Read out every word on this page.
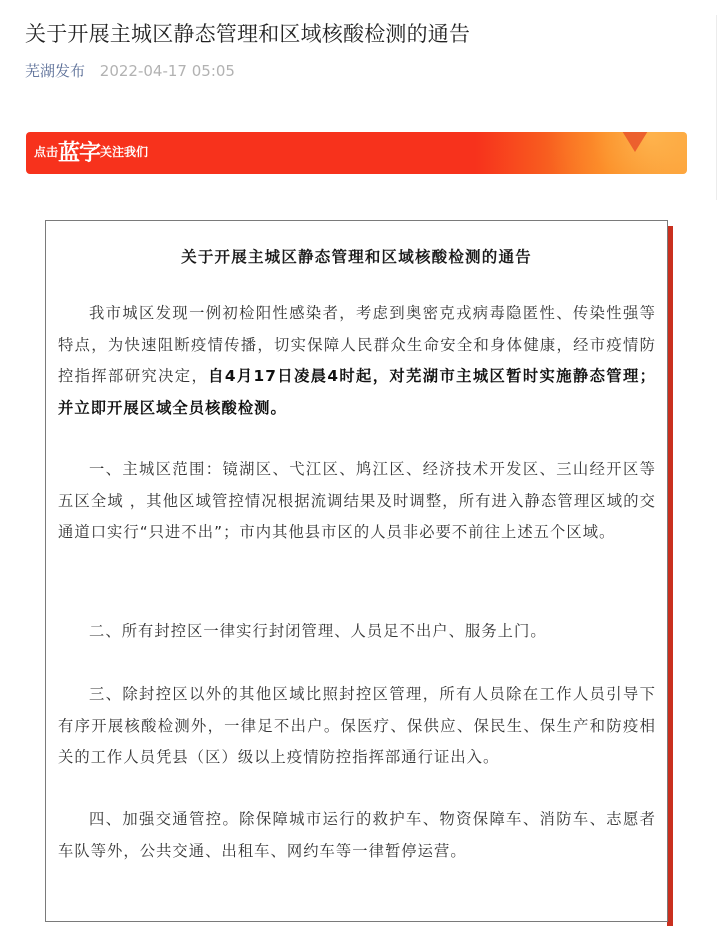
关于开展主城区静态管理和区域核酸检测的通告
芜湖发布 2022-04-17 05:05
$^{点击}$蓝字$^{关注我们}$
关于开展主城区静态管理和区域核酸检测的通告

我市城区发现一例初检阳性感染者，考虑到奥密克戎病毒隐匿性、传染性强等特点，为快速阻断疫情传播，切实保障人民群众生命安全和身体健康，经市疫情防控指挥部研究决定，自4月17日凌晨4时起，对芜湖市主城区暂时实施静态管理；并立即开展区域全员核酸检测。

一、主城区范围：镜湖区、弋江区、鸠江区、经济技术开发区、三山经开区等五区全域 ，其他区域管控情况根据流调结果及时调整，所有进入静态管理区域的交通道口实行“只进不出”；市内其他县市区的人员非必要不前往上述五个区域。

二、所有封控区一律实行封闭管理、人员足不出户、服务上门。

三、除封控区以外的其他区域比照封控区管理，所有人员除在工作人员引导下有序开展核酸检测外，一律足不出户。保医疗、保供应、保民生、保生产和防疫相关的工作人员凭县（区）级以上疫情防控指挥部通行证出入。

四、加强交通管控。除保障城市运行的救护车、物资保障车、消防车、志愿者车队等外，公共交通、出租车、网约车等一律暂停运营。
